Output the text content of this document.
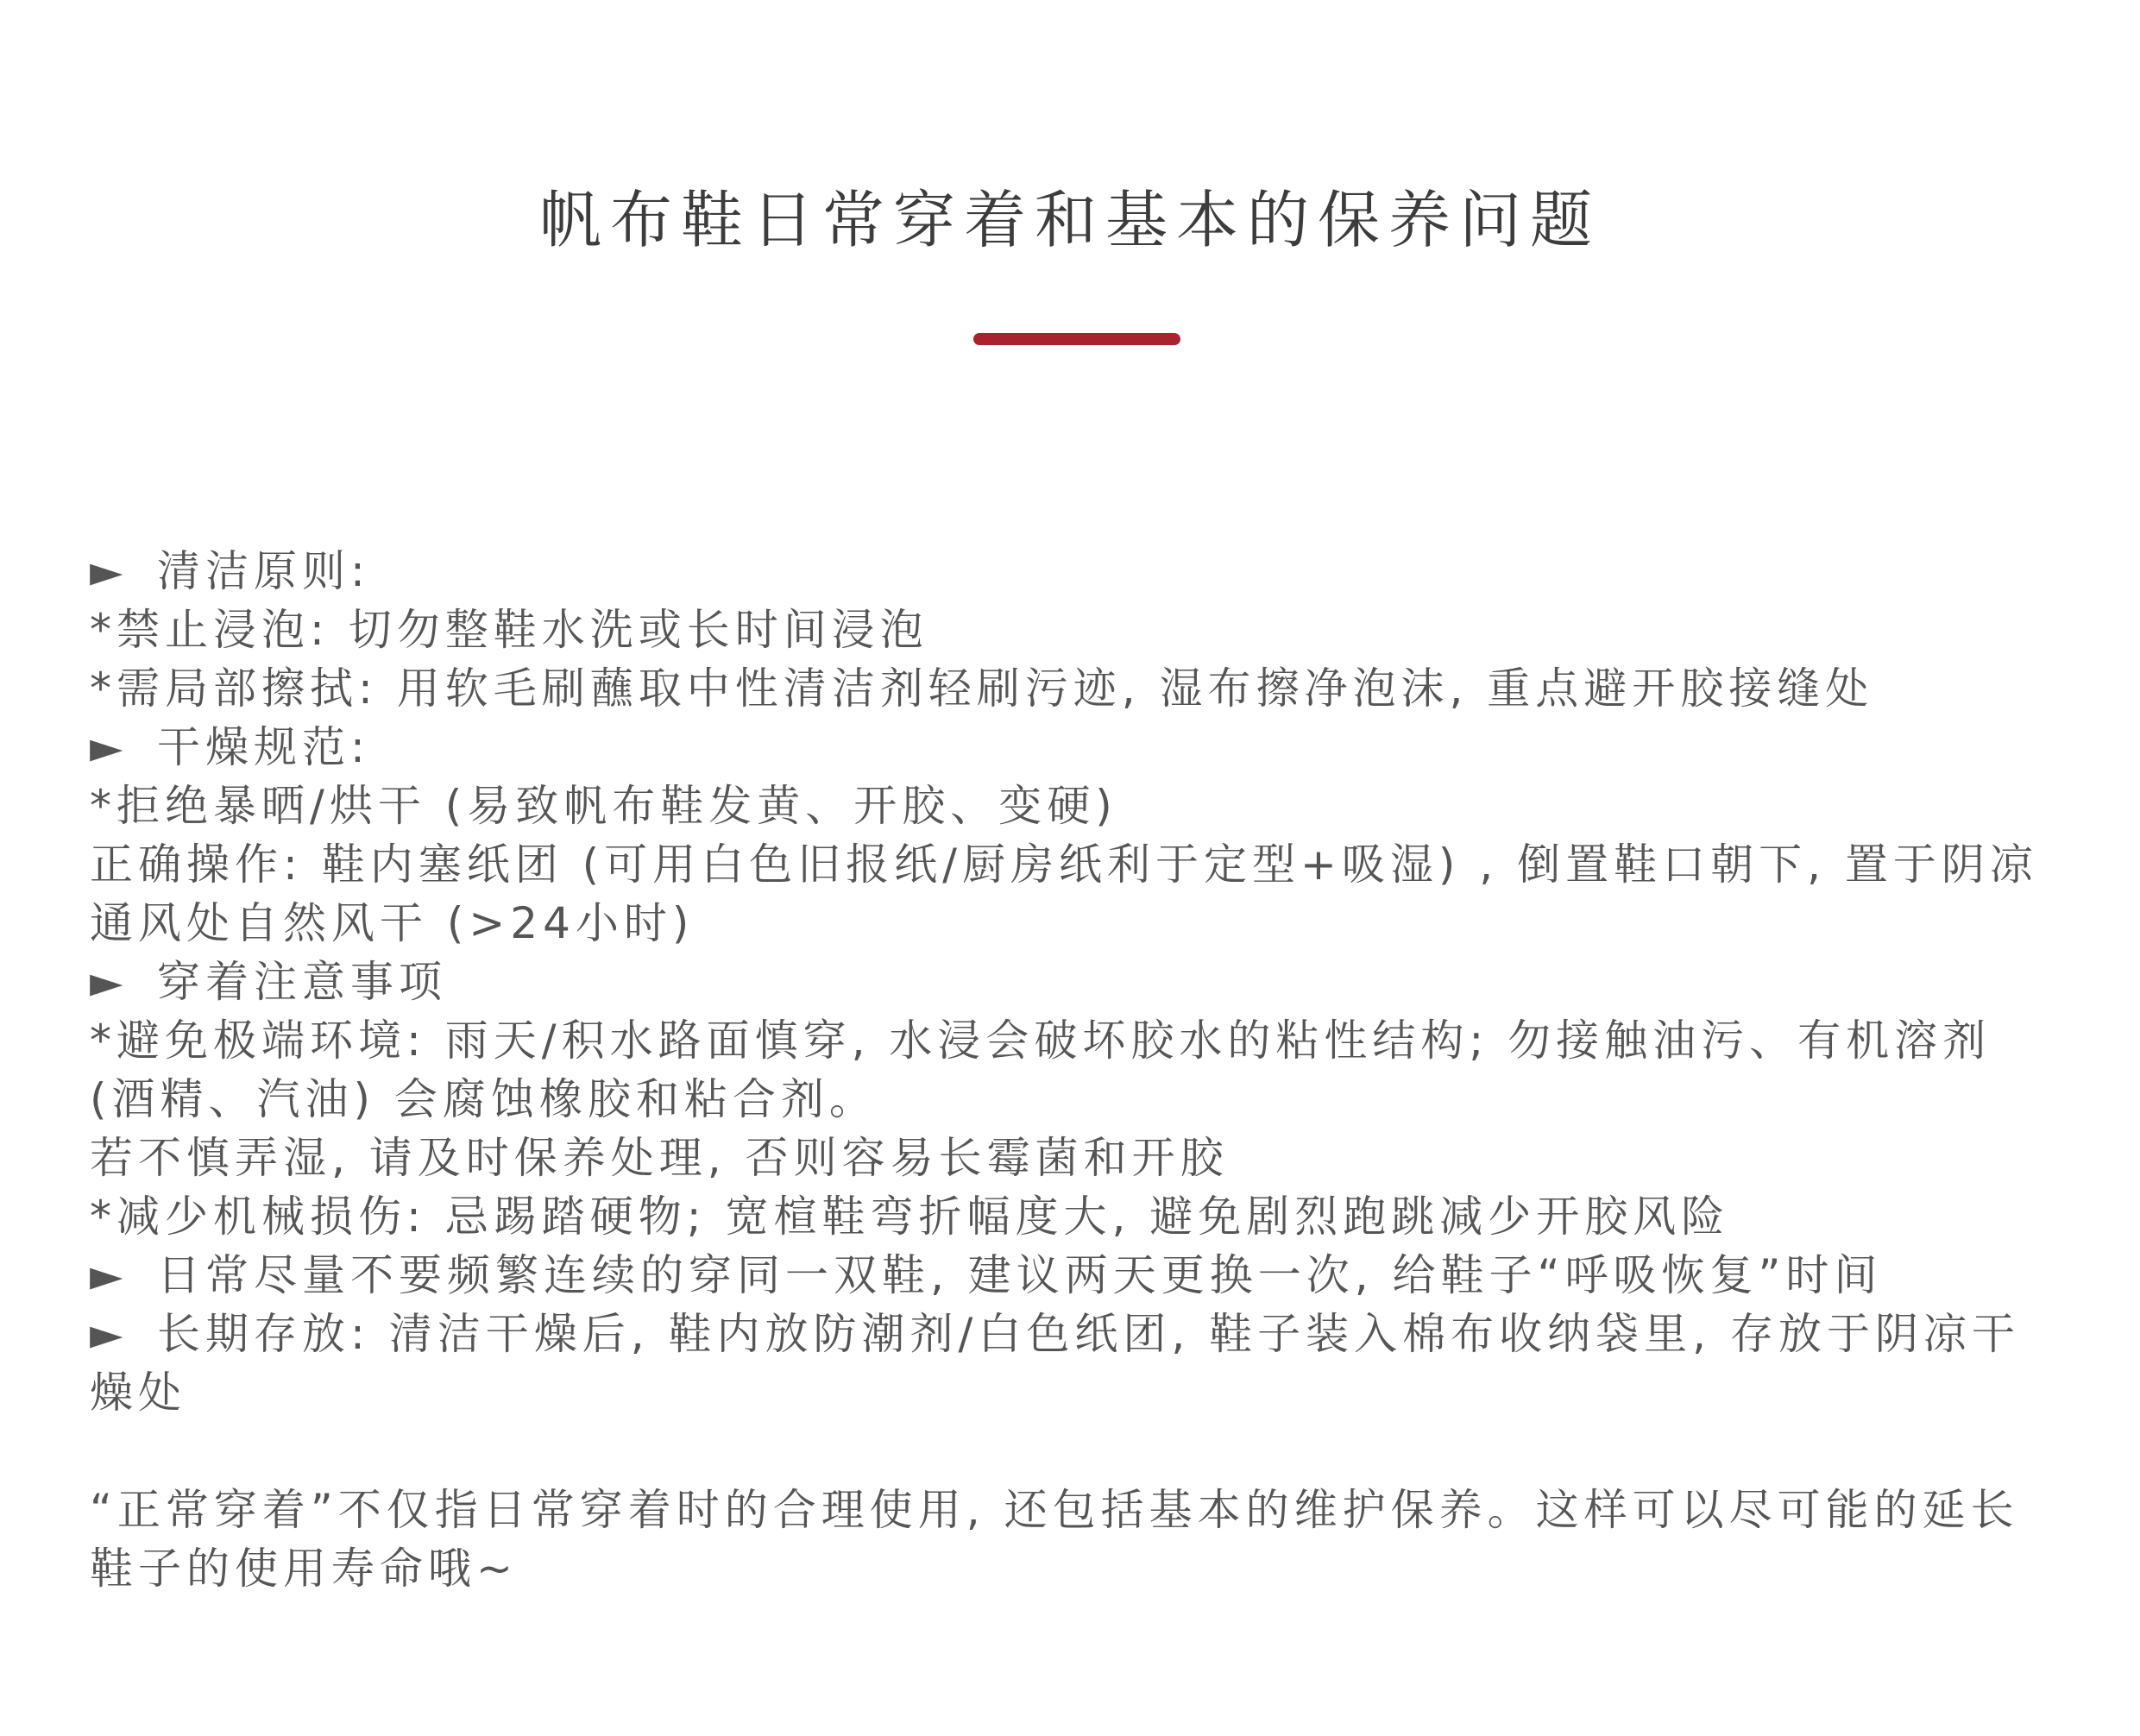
帆布鞋日常穿着和基本的保养问题

► 清洁原则:

*禁止浸泡: 切勿整鞋水洗或长时间浸泡

*需局部擦拭: 用软毛刷蘸取中性清洁剂轻刷污迹, 湿布擦净泡沫, 重点避开胶接缝处

► 干燥规范:

*拒绝暴晒/烘干 (易致帆布鞋发黄、开胶、变硬)

正确操作: 鞋内塞纸团 (可用白色旧报纸/厨房纸利于定型+吸湿) , 倒置鞋口朝下, 置于阴凉通风处自然风干 (>24小时)

► 穿着注意事项

*避免极端环境: 雨天/积水路面慎穿, 水浸会破坏胶水的粘性结构; 勿接触油污、有机溶剂 (酒精、汽油) 会腐蚀橡胶和粘合剂。

若不慎弄湿, 请及时保养处理, 否则容易长霉菌和开胶

*减少机械损伤: 忌踢踏硬物; 宽楦鞋弯折幅度大, 避免剧烈跑跳减少开胶风险

► 日常尽量不要频繁连续的穿同一双鞋, 建议两天更换一次, 给鞋子“呼吸恢复”时间

► 长期存放: 清洁干燥后, 鞋内放防潮剂/白色纸团, 鞋子装入棉布收纳袋里, 存放于阴凉干燥处

“正常穿着”不仅指日常穿着时的合理使用, 还包括基本的维护保养。这样可以尽可能的延长鞋子的使用寿命哦~
